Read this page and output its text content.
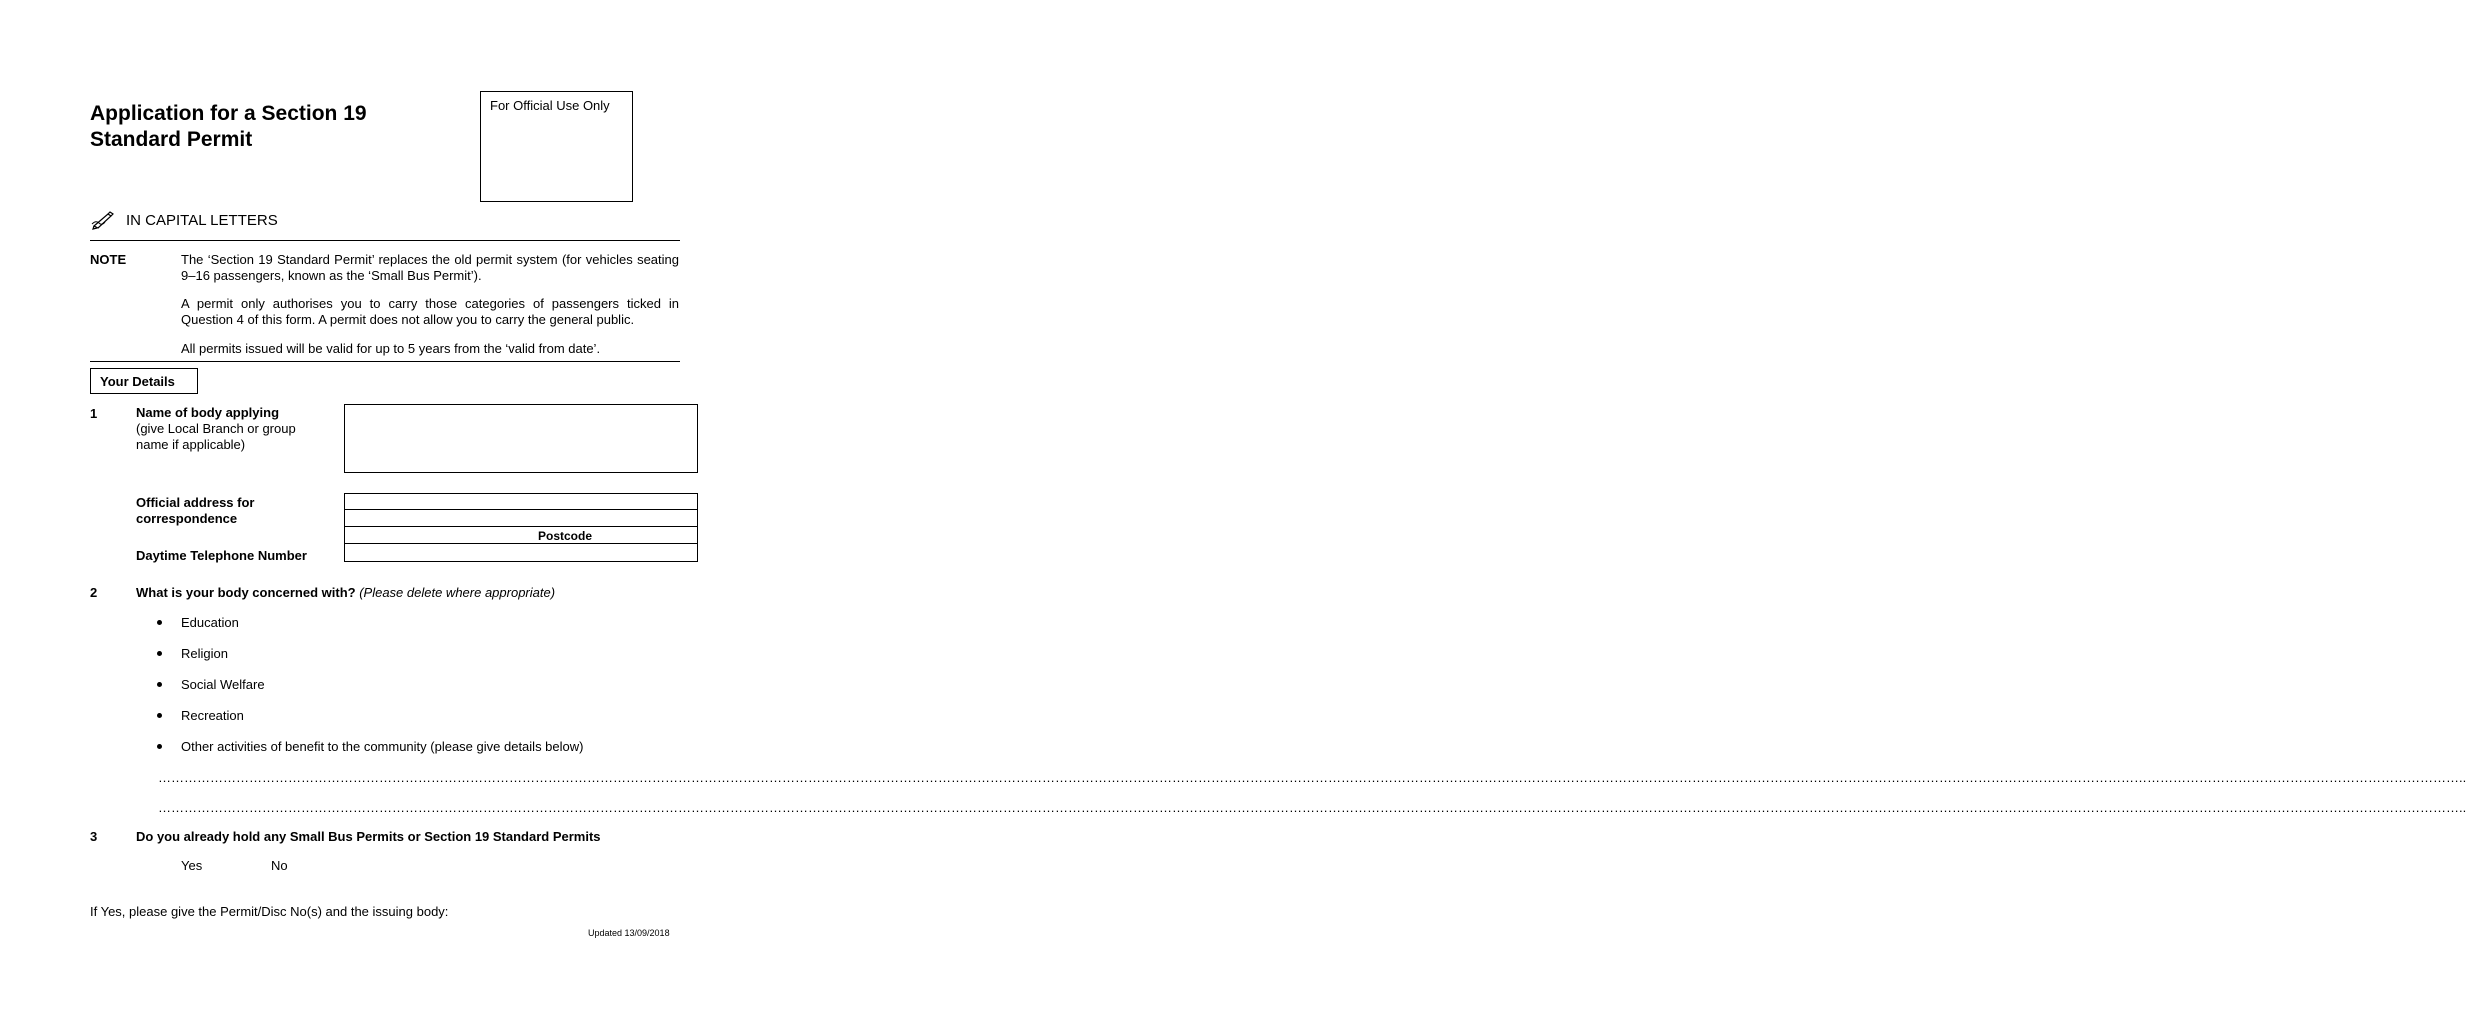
Application for a Section 19
Standard Permit
For Official Use Only
IN CAPITAL LETTERS
NOTE	The ‘Section 19 Standard Permit’ replaces the old permit system (for vehicles seating 9–16 passengers, known as the ‘Small Bus Permit’).
A permit only authorises you to carry those categories of passengers ticked in Question 4 of this form. A permit does not allow you to carry the general public.
All permits issued will be valid for up to 5 years from the ‘valid from date’.
Your Details
1	Name of body applying
(give Local Branch or group
name if applicable)
Official address for
correspondence
Postcode
Daytime Telephone Number
2	What is your body concerned with? (Please delete where appropriate)
Education
Religion
Social Welfare
Recreation
Other activities of benefit to the community (please give details below)
………………………………………………………………………………………………………………………………………………………………………………………………………………………………………………………………………………………………………………………………………………………………………………………………………………………………………………………………………………………..
………………………………………………………………………………………………………………………………………………………………………………………………………………………………………………………………………………………………………………………………………………………………………………………………………………………………………………………………………………………..
3	Do you already hold any Small Bus Permits or Section 19 Standard Permits
Yes	No
If Yes, please give the Permit/Disc No(s) and the issuing body:
Updated 13/09/2018
